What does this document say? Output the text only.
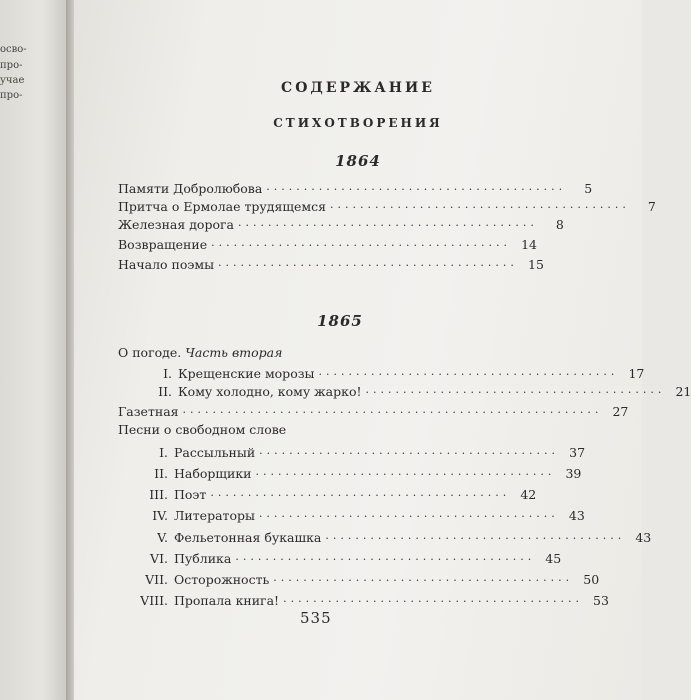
освo-
про-
учае
про-	СОДЕРЖАНИЕ
СТИХОТВОРЕНИЯ
1864
Памяти Добролюбова ........................................	5
Притча о Ермолае трудящемся ........................................	7
Железная дорога ........................................	8
Возвращение ........................................ 14
Начало поэмы ........................................ 15
1865
О погоде. Часть вторая
I. Крещенские морозы ........................................ 17
II. Кому холодно, кому жарко! ........................................ 21
Газетная ........................................................ 27
Песни о свободном слове
I. Рассыльный ........................................ 37
II. Наборщики ........................................ 39
III. Поэт ........................................ 42
IV. Литераторы ........................................ 43
V. Фельетонная букашка ........................................ 43
VI. Публика ........................................ 45
VII. Осторожность ........................................ 50
VIII. Пропала книга! ........................................ 53
535
